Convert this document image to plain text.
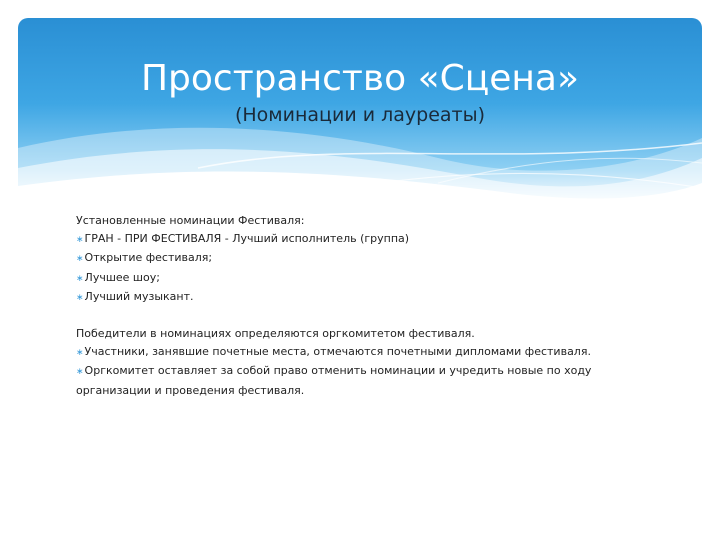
Пространство «Сцена»
(Номинации и лауреаты)

Установленные номинации Фестиваля:

∗ГРАН - ПРИ ФЕСТИВАЛЯ - Лучший исполнитель (группа)

∗Открытие фестиваля;

∗Лучшее шоу;

∗Лучший музыкант.

Победители в номинациях определяются оргкомитетом фестиваля.

∗Участники, занявшие почетные места, отмечаются почетными дипломами фестиваля.

∗Оргкомитет оставляет за собой право отменить номинации и учредить новые по ходу организации и проведения фестиваля.
